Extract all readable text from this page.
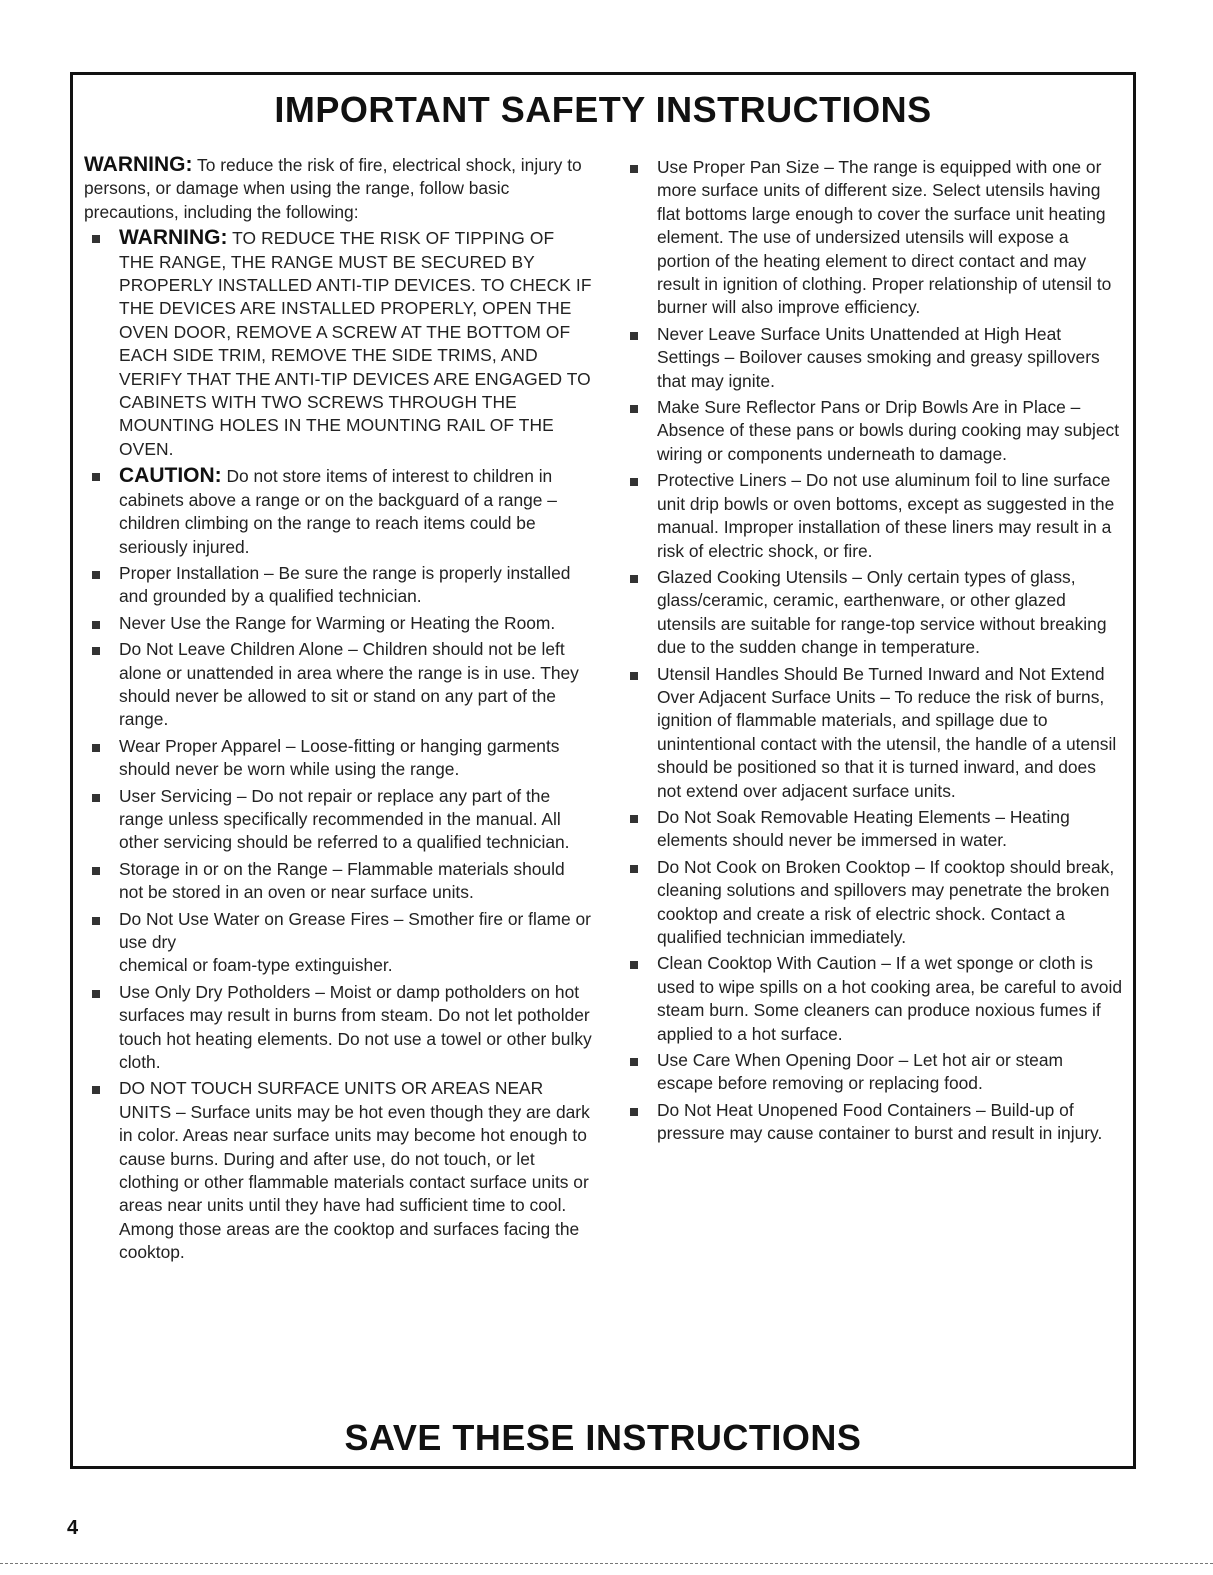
IMPORTANT SAFETY INSTRUCTIONS

WARNING: To reduce the risk of fire, electrical shock, injury to persons, or damage when using the range, follow basic precautions, including the following:

WARNING: TO REDUCE THE RISK OF TIPPING OF THE RANGE, THE RANGE MUST BE SECURED BY PROPERLY INSTALLED ANTI-TIP DEVICES. TO CHECK IF THE DEVICES ARE INSTALLED PROPERLY, OPEN THE OVEN DOOR, REMOVE A SCREW AT THE BOTTOM OF EACH SIDE TRIM, REMOVE THE SIDE TRIMS, AND VERIFY THAT THE ANTI-TIP DEVICES ARE ENGAGED TO CABINETS WITH TWO SCREWS THROUGH THE MOUNTING HOLES IN THE MOUNTING RAIL OF THE OVEN.
CAUTION: Do not store items of interest to children in cabinets above a range or on the backguard of a range – children climbing on the range to reach items could be seriously injured.
Proper Installation – Be sure the range is properly installed and grounded by a qualified technician.
Never Use the Range for Warming or Heating the Room.
Do Not Leave Children Alone – Children should not be left alone or unattended in area where the range is in use. They should never be allowed to sit or stand on any part of the range.
Wear Proper Apparel – Loose-fitting or hanging garments should never be worn while using the range.
User Servicing – Do not repair or replace any part of the range unless specifically recommended in the manual. All other servicing should be referred to a qualified technician.
Storage in or on the Range – Flammable materials should not be stored in an oven or near surface units.
Do Not Use Water on Grease Fires – Smother fire or flame or use dry
chemical or foam-type extinguisher.
Use Only Dry Potholders – Moist or damp potholders on hot surfaces may result in burns from steam. Do not let potholder touch hot heating elements. Do not use a towel or other bulky cloth.
DO NOT TOUCH SURFACE UNITS OR AREAS NEAR UNITS – Surface units may be hot even though they are dark in color. Areas near surface units may become hot enough to cause burns. During and after use, do not touch, or let clothing or other flammable materials contact surface units or areas near units until they have had sufficient time to cool. Among those areas are the cooktop and surfaces facing the cooktop.
Use Proper Pan Size – The range is equipped with one or more surface units of different size. Select utensils having flat bottoms large enough to cover the surface unit heating element. The use of undersized utensils will expose a portion of the heating element to direct contact and may result in ignition of clothing. Proper relationship of utensil to burner will also improve efficiency.
Never Leave Surface Units Unattended at High Heat Settings – Boilover causes smoking and greasy spillovers that may ignite.
Make Sure Reflector Pans or Drip Bowls Are in Place – Absence of these pans or bowls during cooking may subject wiring or components underneath to damage.
Protective Liners – Do not use aluminum foil to line surface unit drip bowls or oven bottoms, except as suggested in the manual. Improper installation of these liners may result in a risk of electric shock, or fire.
Glazed Cooking Utensils – Only certain types of glass, glass/ceramic, ceramic, earthenware, or other glazed utensils are suitable for range-top service without breaking due to the sudden change in temperature.
Utensil Handles Should Be Turned Inward and Not Extend Over Adjacent Surface Units – To reduce the risk of burns, ignition of flammable materials, and spillage due to unintentional contact with the utensil, the handle of a utensil should be positioned so that it is turned inward, and does not extend over adjacent surface units.
Do Not Soak Removable Heating Elements – Heating elements should never be immersed in water.
Do Not Cook on Broken Cooktop – If cooktop should break, cleaning solutions and spillovers may penetrate the broken cooktop and create a risk of electric shock. Contact a qualified technician immediately.
Clean Cooktop With Caution – If a wet sponge or cloth is used to wipe spills on a hot cooking area, be careful to avoid steam burn. Some cleaners can produce noxious fumes if applied to a hot surface.
Use Care When Opening Door – Let hot air or steam escape before removing or replacing food.
Do Not Heat Unopened Food Containers – Build-up of pressure may cause container to burst and result in injury.
SAVE THESE INSTRUCTIONS
4
